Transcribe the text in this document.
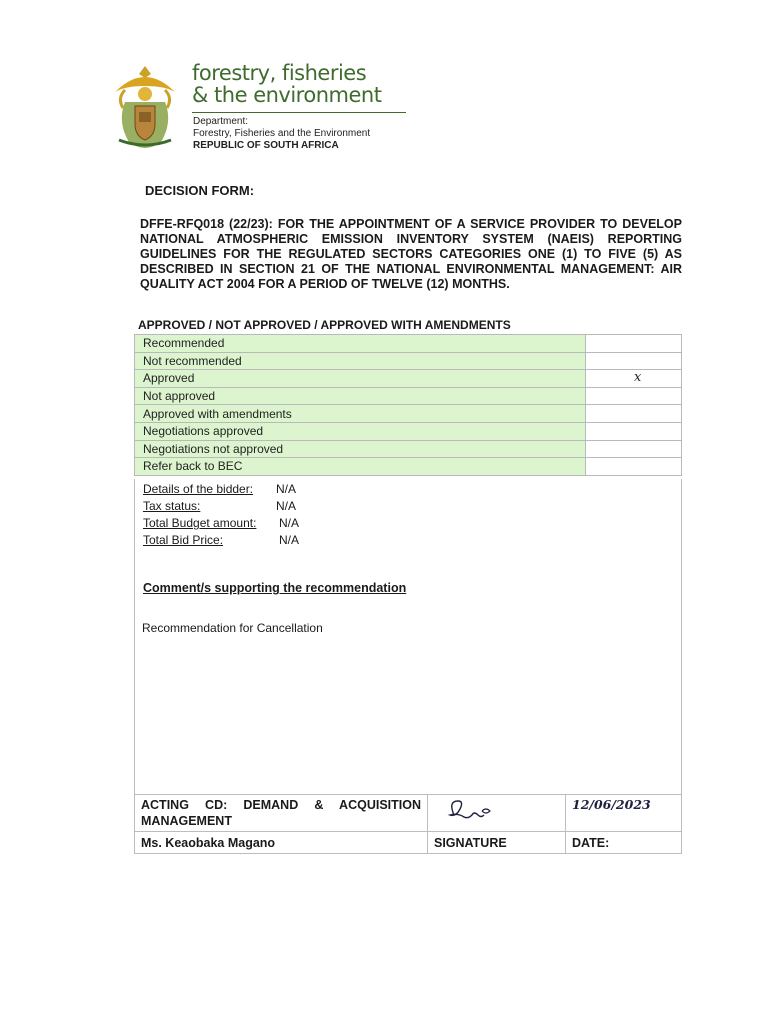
forestry, fisheries
& the environment
Department:
Forestry, Fisheries and the Environment
REPUBLIC OF SOUTH AFRICA
DECISION FORM:
DFFE-RFQ018 (22/23): FOR THE APPOINTMENT OF A SERVICE PROVIDER TO DEVELOP NATIONAL ATMOSPHERIC EMISSION INVENTORY SYSTEM (NAEIS) REPORTING GUIDELINES FOR THE REGULATED SECTORS CATEGORIES ONE (1) TO FIVE (5) AS DESCRIBED IN SECTION 21 OF THE NATIONAL ENVIRONMENTAL MANAGEMENT: AIR QUALITY ACT 2004 FOR A PERIOD OF TWELVE (12) MONTHS.
APPROVED / NOT APPROVED / APPROVED WITH AMENDMENTS
Recommended	
Not recommended	
Approved	x
Not approved	
Approved with amendments	
Negotiations approved	
Negotiations not approved	
Refer back to BEC	
Details of the bidder: N/A
Tax status:	N/A
Total Budget amount: N/A
Total Bid Price:	N/A
Comment/s supporting the recommendation
Recommendation for Cancellation
ACTING CD: DEMAND & ACQUISITION MANAGEMENT		12/06/2023
Ms. Keaobaka Magano	SIGNATURE	DATE:
